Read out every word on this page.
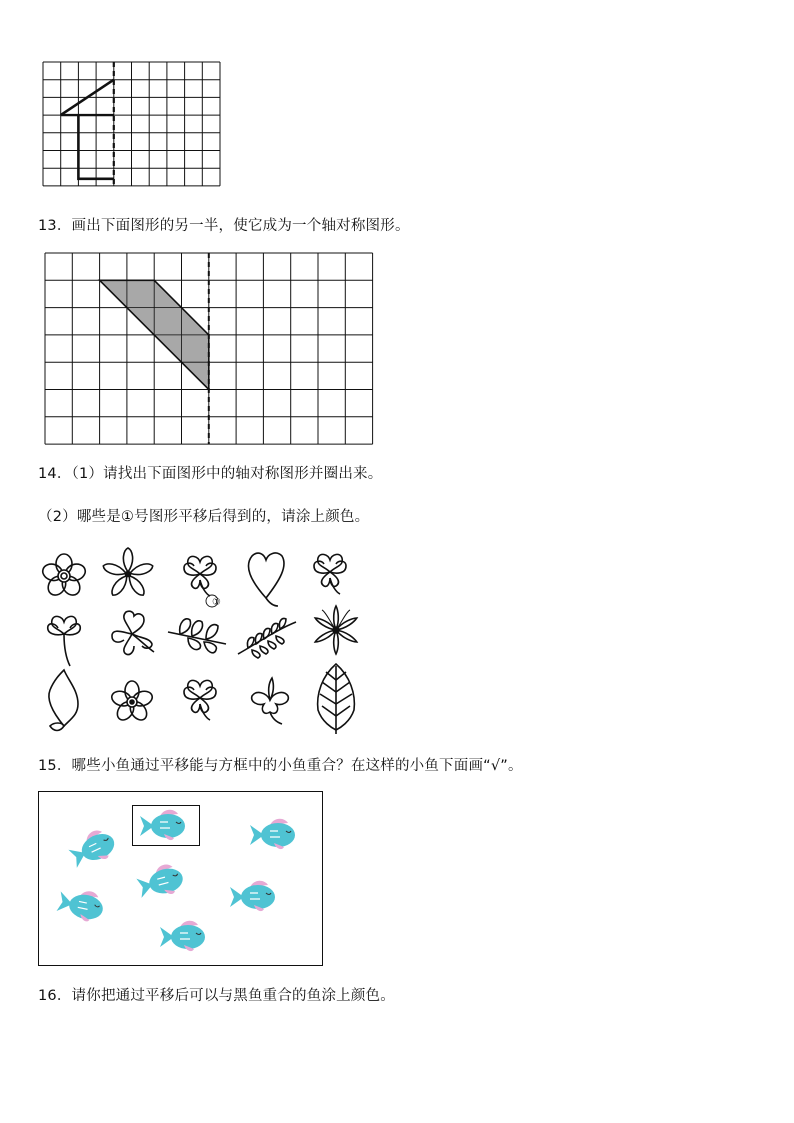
13．画出下面图形的另一半，使它成为一个轴对称图形。
14．（1）请找出下面图形中的轴对称图形并圈出来。
（2）哪些是①号图形平移后得到的，请涂上颜色。
①
15．哪些小鱼通过平移能与方框中的小鱼重合？在这样的小鱼下面画“√”。
16．请你把通过平移后可以与黑鱼重合的鱼涂上颜色。
